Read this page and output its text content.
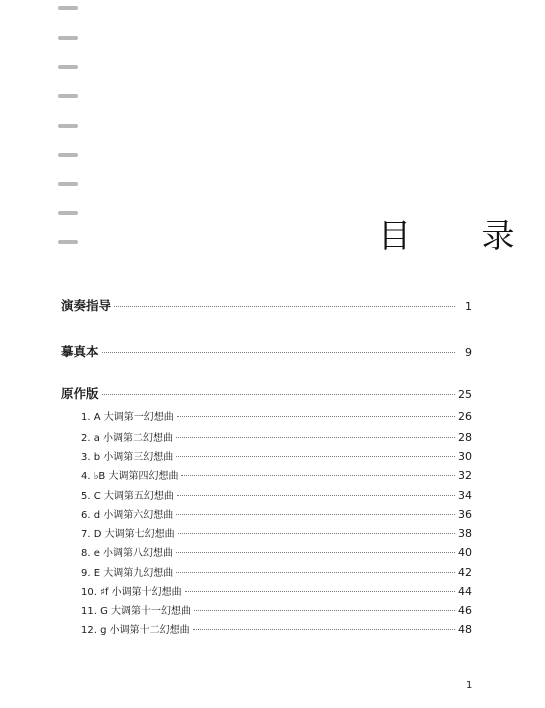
目 录
演奏指导	1
摹真本	9
原作版	25
1. A 大调第一幻想曲	26
2. a 小调第二幻想曲	28
3. b 小调第三幻想曲	30
4. ♭B 大调第四幻想曲	32
5. C 大调第五幻想曲	34
6. d 小调第六幻想曲	36
7. D 大调第七幻想曲	38
8. e 小调第八幻想曲	40
9. E 大调第九幻想曲	42
10. ♯f 小调第十幻想曲	44
11. G 大调第十一幻想曲	46
12. g 小调第十二幻想曲	48
1
